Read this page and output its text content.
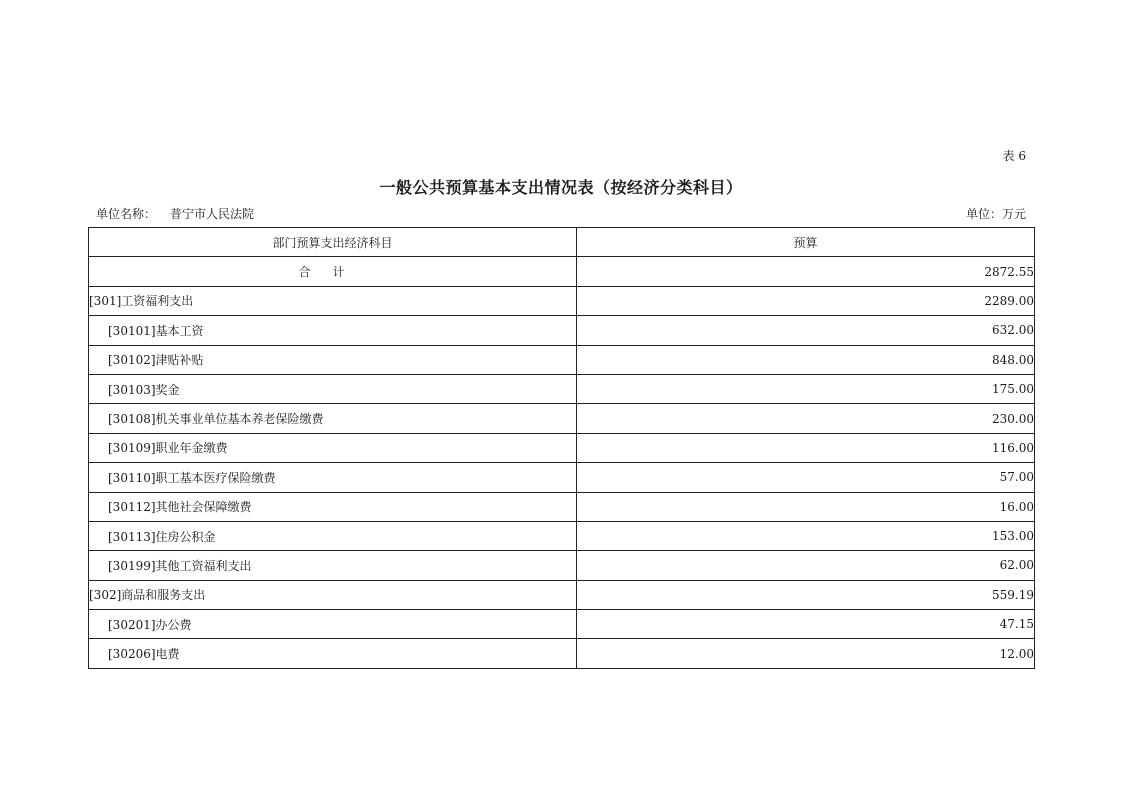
表 6
一般公共预算基本支出情况表（按经济分类科目）
单位名称： 普宁市人民法院	单位：万元
部门预算支出经济科目	预算
合计	2872.55
[301]工资福利支出	2289.00
[30101]基本工资	632.00
[30102]津贴补贴	848.00
[30103]奖金	175.00
[30108]机关事业单位基本养老保险缴费	230.00
[30109]职业年金缴费	116.00
[30110]职工基本医疗保险缴费	57.00
[30112]其他社会保障缴费	16.00
[30113]住房公积金	153.00
[30199]其他工资福利支出	62.00
[302]商品和服务支出	559.19
[30201]办公费	47.15
[30206]电费	12.00
